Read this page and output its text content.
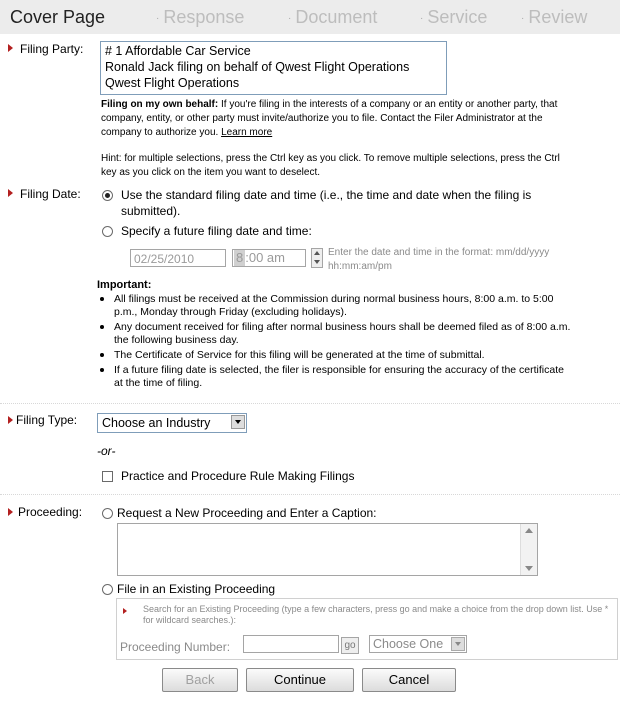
Cover Page	· Response	· Document	· Service	· Review
Filing Party: # 1 Affordable Car Service
Ronald Jack filing on behalf of Qwest Flight Operations
Qwest Flight Operations
Filing on my own behalf: If you're filing in the interests of a company or an entity or another party, that company, entity, or other party must invite/authorize you to file. Contact the Filer Administrator at the company to authorize you. Learn more
Hint: for multiple selections, press the Ctrl key as you click. To remove multiple selections, press the Ctrl key as you click on the item you want to deselect.
Filing Date:	Use the standard filing date and time (i.e., the time and date when the filing is submitted).
Specify a future filing date and time:
02/25/2010	8 :00 am	Enter the date and time in the format: mm/dd/yyyy hh:mm:am/pm
Important:
All filings must be received at the Commission during normal business hours, 8:00 a.m. to 5:00 p.m., Monday through Friday (excluding holidays).
Any document received for filing after normal business hours shall be deemed filed as of 8:00 a.m. the following business day.
The Certificate of Service for this filing will be generated at the time of submittal.
If a future filing date is selected, the filer is responsible for ensuring the accuracy of the certificate at the time of filing.
Filing Type: Choose an Industry
-or-
Practice and Procedure Rule Making Filings
Proceeding:	Request a New Proceeding and Enter a Caption:
File in an Existing Proceeding
Search for an Existing Proceeding (type a few characters, press go and make a choice from the drop down list. Use * for wildcard searches.):
Proceeding Number:	go Choose One
Back	Continue	Cancel
